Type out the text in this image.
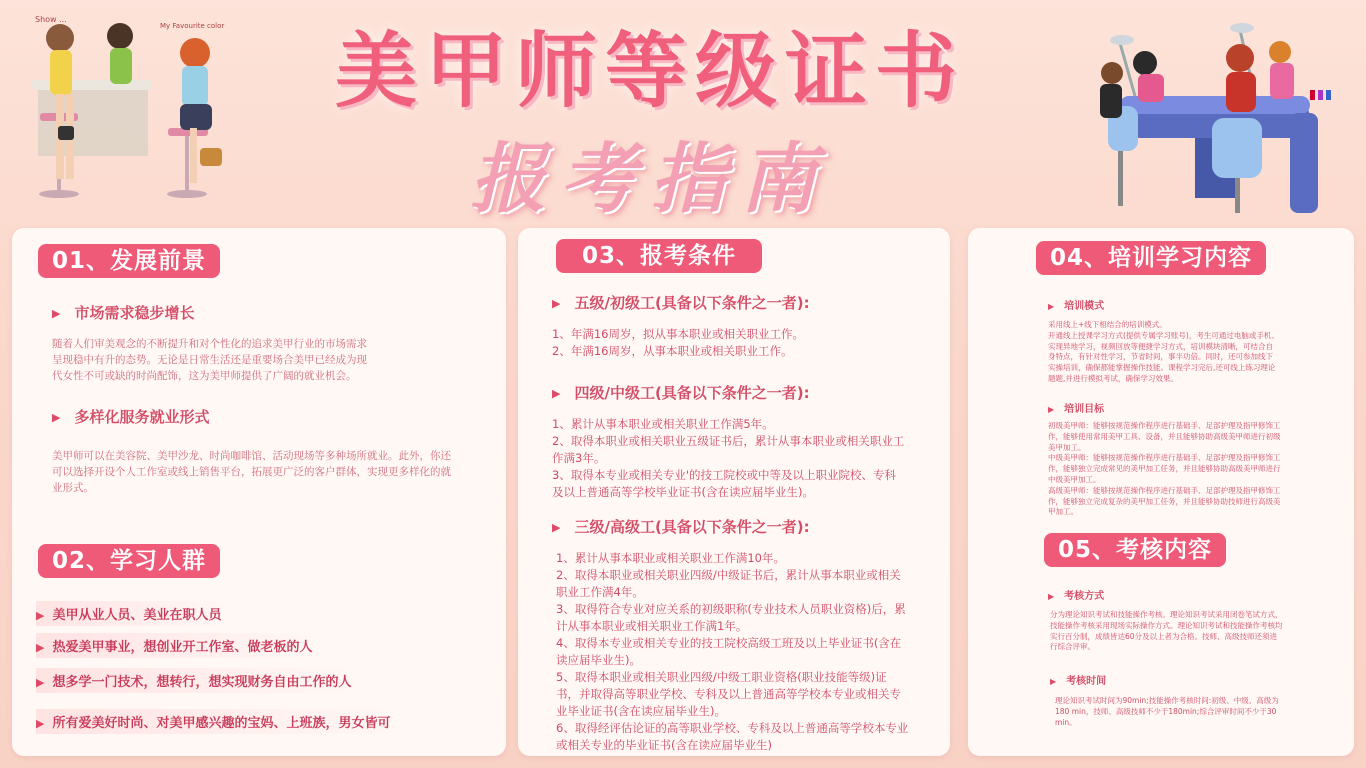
美甲师等级证书
报考指南
Show ...
My Favourite color
01、发展前景
▶ 市场需求稳步增长
随着人们审美观念的不断提升和对个性化的追求美甲行业的市场需求
呈现稳中有升的态势。无论是日常生活还是重要场合美甲已经成为现
代女性不可或缺的时尚配饰，这为美甲师提供了广阔的就业机会。
▶ 多样化服务就业形式
美甲师可以在美容院、美甲沙龙、时尚咖啡馆、活动现场等多种场所就业。此外，你还
可以选择开设个人工作室或线上销售平台，拓展更广泛的客户群体，实现更多样化的就
业形式。
02、学习人群
▶ 美甲从业人员、美业在职人员
▶ 热爱美甲事业，想创业开工作室、做老板的人
▶ 想多学一门技术，想转行，想实现财务自由工作的人
▶ 所有爱美好时尚、对美甲感兴趣的宝妈、上班族，男女皆可
03、报考条件
▶ 五级/初级工(具备以下条件之一者):
1、年满16周岁，拟从事本职业或相关职业工作。
2、年满16周岁，从事本职业或相关职业工作。
▶ 四级/中级工(具备以下条件之一者):
1、累计从事本职业或相关职业工作满5年。
2、取得本职业或相关职业五级证书后，累计从事本职业或相关职业工
作满3年。
3、取得本专业或相关专业'的技工院校或中等及以上职业院校、专科
及以上普通高等学校毕业证书(含在读应届毕业生)。
▶ 三级/高级工(具备以下条件之一者):
1、累计从事本职业或相关职业工作满10年。
2、取得本职业或相关职业四级/中级证书后，累计从事本职业或相关
职业工作满4年。
3、取得符合专业对应关系的初级职称(专业技术人员职业资格)后，累
计从事本职业或相关职业工作满1年。
4、取得本专业或相关专业的技工院校高级工班及以上毕业证书(含在
读应届毕业生)。
5、取得本职业或相关职业四级/中级工职业资格(职业技能等级)证
书，并取得高等职业学校、专科及以上普通高等学校本专业或相关专
业毕业证书(含在读应届毕业生)。
6、取得经评估论证的高等职业学校、专科及以上普通高等学校本专业
或相关专业的毕业证书(含在读应届毕业生)
04、培训学习内容
▶ 培训模式
采用线上+线下相结合的培训模式。
开通线上授课学习方式(提供专属学习账号)，考生可通过电脑或手机、
实现异地学习，视频回放等便捷学习方式，培训模块清晰，可结合自
身特点，有针对性学习，节省时间，事半功倍。同时，还可参加线下
实操培训，确保都能掌握操作技能。课程学习完后,还可线上练习理论
题题,并进行模拟考试，确保学习效果。
▶ 培训目标
初级美甲师：能够按规范操作程序进行基础手、足部护理及指甲修饰工
作，能够使用常用美甲工具、设备，并且能够协助高级美甲师进行初级
美甲加工。
中级美甲师：能够按规范操作程序进行基础手、足部护理及指甲修饰工
作，能够独立完成常见的美甲加工任务，并且能够协助高级美甲师进行
中级美甲加工。
高级美甲师：能够按规范操作程序进行基础手、足部护理及指甲修饰工
作，能够独立完成复杂的美甲加工任务，并且能够协助技师进行高级美
甲加工。
05、考核内容
▶ 考核方式
分为理论知识考试和技能操作考核。理论知识考试采用闭卷笔试方式，
技能操作考核采用现场实际操作方式。理论知识考试和技能操作考核均
实行百分制，成绩皆达60分及以上者为合格。技师、高级技师还须进
行综合评审。
▶ 考核时间
理论知识考试时间为90min;技能操作考核时间:初级、中级、高级为
180 min，技师、高级技师不少于180min;综合评审时间不少于30
min。
